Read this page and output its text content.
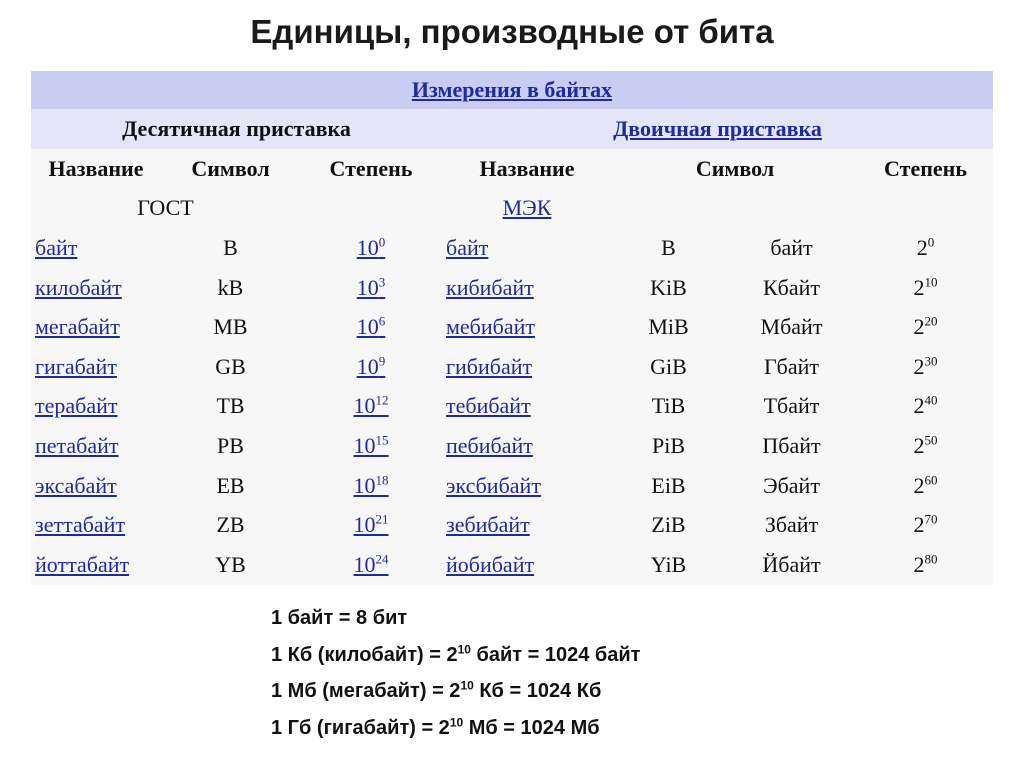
Единицы, производные от бита
Измерения в байтах						
Десятичная приставка			Двоичная приставка			
Название	Символ	Степень	Название	Символ		Степень
ГОСТ			МЭК			
байт	B	10$^0$	байт	B	байт	$2^0$
килобайт	kB	10$^3$	кибибайт	KiB	Кбайт	$2^{10}$
мегабайт	MB	10$^6$	мебибайт	MiB	Мбайт	$2^{20}$
гигабайт	GB	10$^9$	гибибайт	GiB	Гбайт	$2^{30}$
терабайт	TB	10$^{12}$	тебибайт	TiB	Тбайт	$2^{40}$
петабайт	PB	10$^{15}$	пебибайт	PiB	Пбайт	$2^{50}$
эксабайт	EB	10$^{18}$	эксбибайт	EiB	Эбайт	$2^{60}$
зеттабайт	ZB	10$^{21}$	зебибайт	ZiB	Збайт	$2^{70}$
йоттабайт	YB	10$^{24}$	йобибайт	YiB	Йбайт	$2^{80}$
1 байт = 8 бит
1 Кб (килобайт) = $2^{10}$ байт = 1024 байт
1 Мб (мегабайт) = $2^{10}$ Кб = 1024 Кб
1 Гб (гигабайт) = $2^{10}$ Мб = 1024 Мб
